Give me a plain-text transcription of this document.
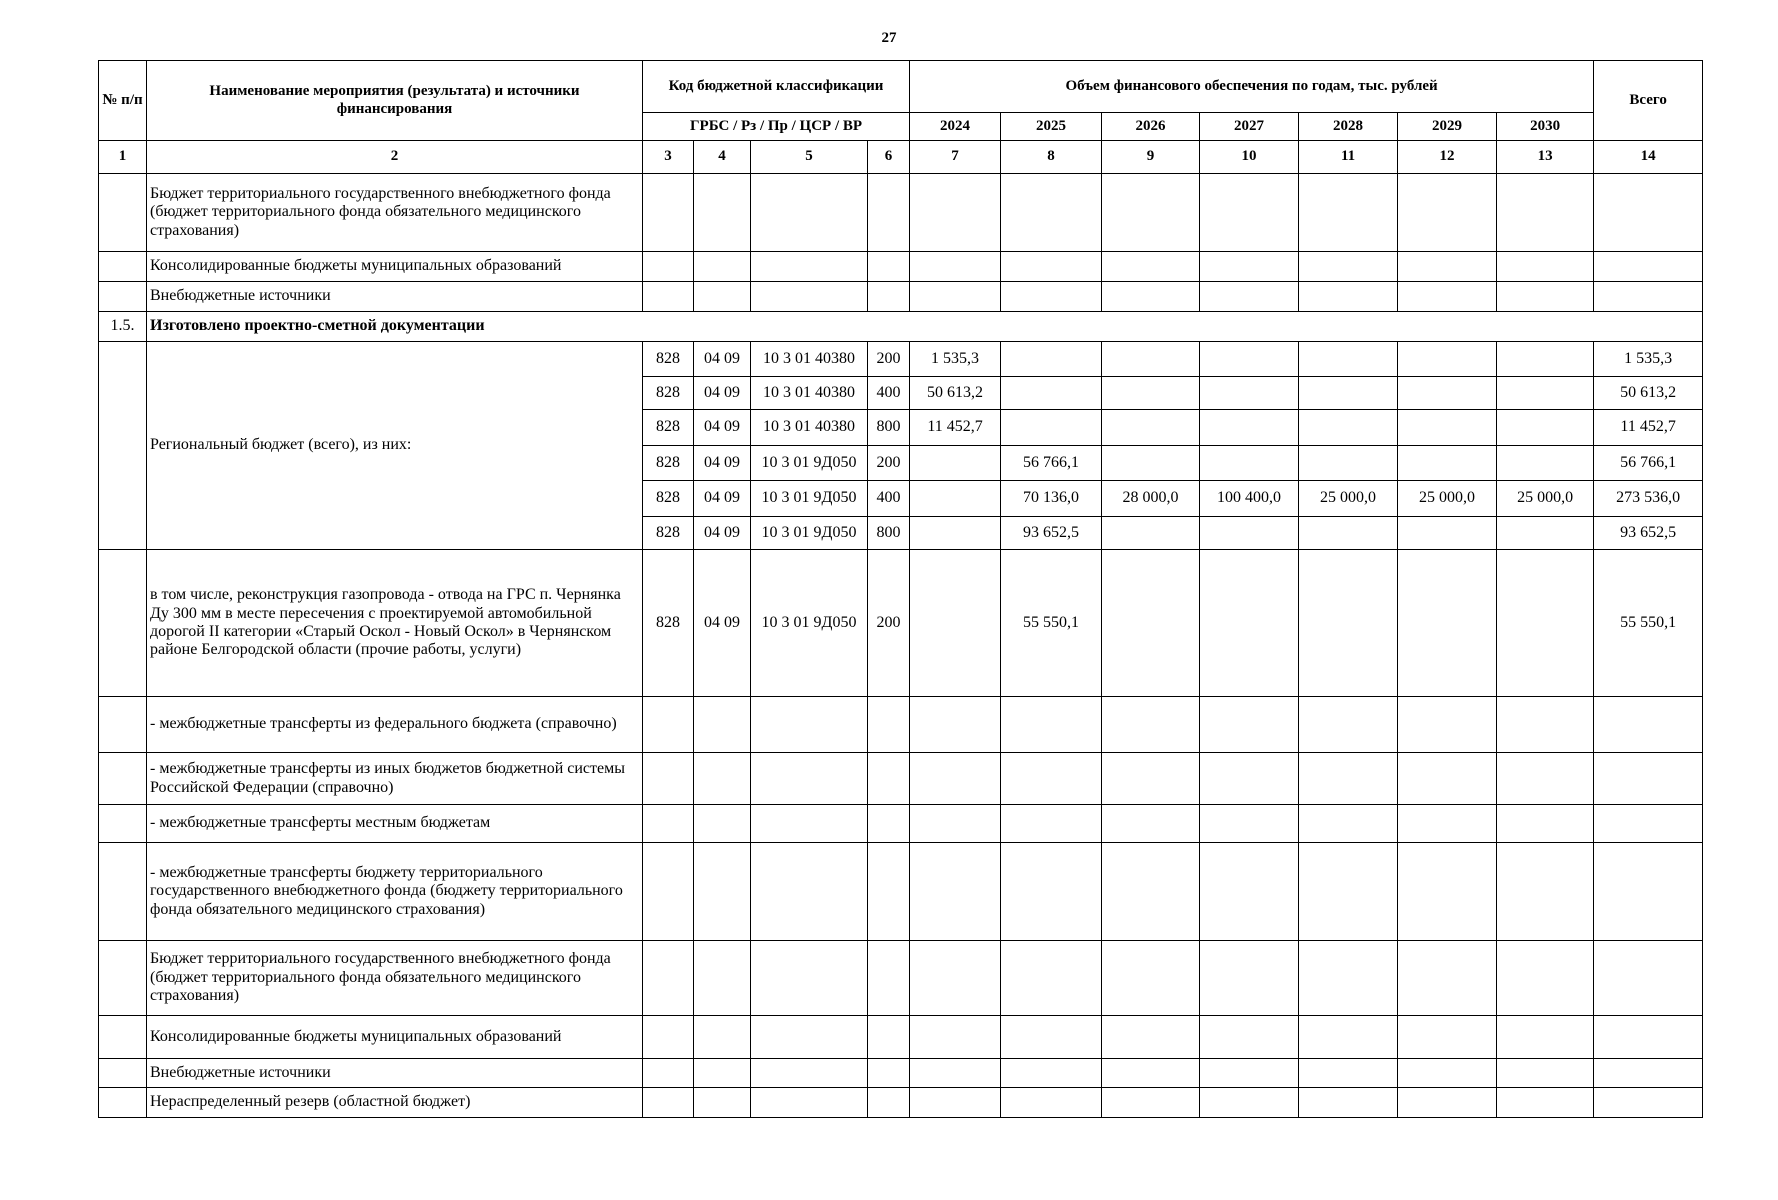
27
№ п/п	Наименование мероприятия (результата) и источники финансирования	Код бюджетной классификации				Объем финансового обеспечения по годам, тыс. рублей							Всего
		ГРБС / Рз / Пр / ЦСР / ВР				2024	2025	2026	2027	2028	2029	2030	
1	2	3	4	5	6	7	8	9	10	11	12	13	14
	Бюджет территориального государственного внебюджетного фонда (бюджет территориального фонда обязательного медицинского страхования)												
	Консолидированные бюджеты муниципальных образований												
	Внебюджетные источники												
1.5.	Изготовлено проектно-сметной документации												
	Региональный бюджет (всего), из них:	828	04 09	10 3 01 40380	200	1 535,3							1 535,3
		828	04 09	10 3 01 40380	400	50 613,2							50 613,2
		828	04 09	10 3 01 40380	800	11 452,7							11 452,7
		828	04 09	10 3 01 9Д050	200		56 766,1						56 766,1
		828	04 09	10 3 01 9Д050	400		70 136,0	28 000,0	100 400,0	25 000,0	25 000,0	25 000,0	273 536,0
		828	04 09	10 3 01 9Д050	800		93 652,5						93 652,5
	в том числе, реконструкция газопровода - отвода на ГРС п. Чернянка Ду 300 мм в месте пересечения с проектируемой автомобильной дорогой II категории «Старый Оскол - Новый Оскол» в Чернянском районе Белгородской области (прочие работы, услуги)	828	04 09	10 3 01 9Д050	200		55 550,1						55 550,1
	- межбюджетные трансферты из федерального бюджета (справочно)												
	- межбюджетные трансферты из иных бюджетов бюджетной системы Российской Федерации (справочно)												
	- межбюджетные трансферты местным бюджетам												
	- межбюджетные трансферты бюджету территориального государственного внебюджетного фонда (бюджету территориального фонда обязательного медицинского страхования)												
	Бюджет территориального государственного внебюджетного фонда (бюджет территориального фонда обязательного медицинского страхования)												
	Консолидированные бюджеты муниципальных образований												
	Внебюджетные источники												
	Нераспределенный резерв (областной бюджет)												
